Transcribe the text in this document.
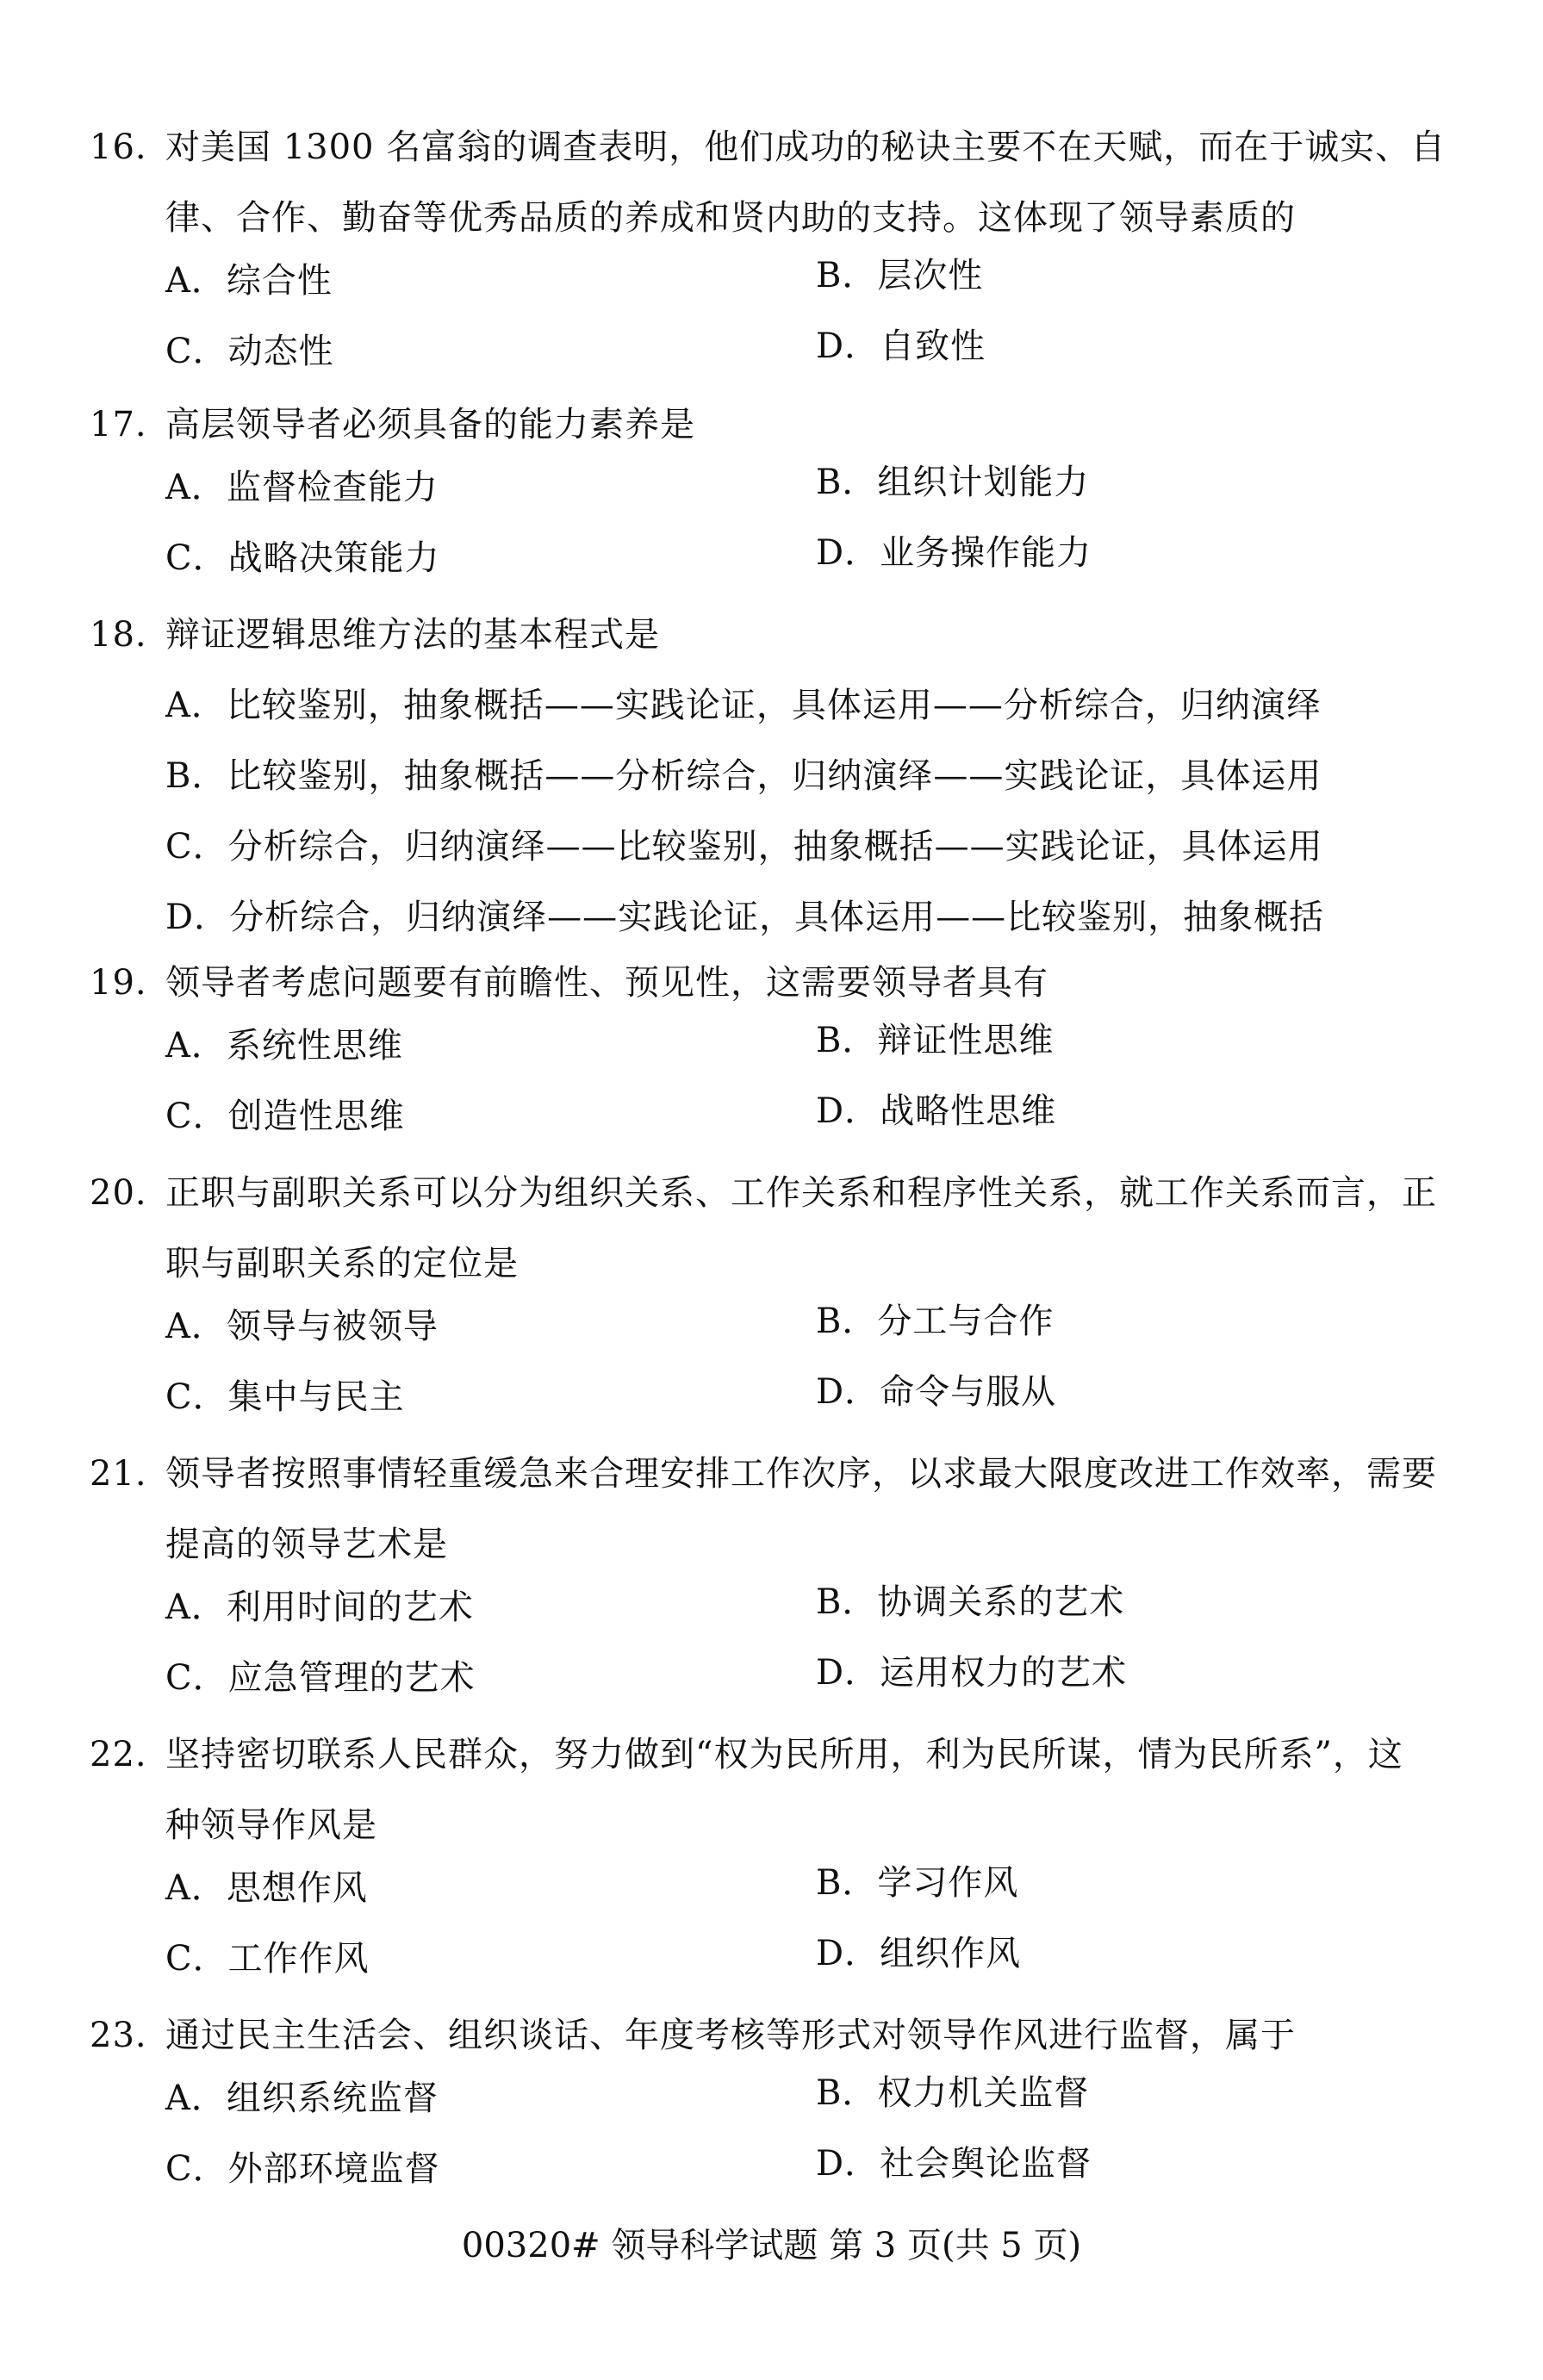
16. 对美国 1300 名富翁的调查表明，他们成功的秘诀主要不在天赋，而在于诚实、自
律、合作、勤奋等优秀品质的养成和贤内助的支持。这体现了领导素质的
A．综合性	B．层次性
C．动态性	D．自致性
17. 高层领导者必须具备的能力素养是
A．监督检查能力	B．组织计划能力
C．战略决策能力	D．业务操作能力
18. 辩证逻辑思维方法的基本程式是
A．比较鉴别，抽象概括——实践论证，具体运用——分析综合，归纳演绎
B．比较鉴别，抽象概括——分析综合，归纳演绎——实践论证，具体运用
C．分析综合，归纳演绎——比较鉴别，抽象概括——实践论证，具体运用
D．分析综合，归纳演绎——实践论证，具体运用——比较鉴别，抽象概括
19. 领导者考虑问题要有前瞻性、预见性，这需要领导者具有
A．系统性思维	B．辩证性思维
C．创造性思维	D．战略性思维
20. 正职与副职关系可以分为组织关系、工作关系和程序性关系，就工作关系而言，正
职与副职关系的定位是
A．领导与被领导	B．分工与合作
C．集中与民主	D．命令与服从
21. 领导者按照事情轻重缓急来合理安排工作次序，以求最大限度改进工作效率，需要
提高的领导艺术是
A．利用时间的艺术	B．协调关系的艺术
C．应急管理的艺术	D．运用权力的艺术
22. 坚持密切联系人民群众，努力做到“权为民所用，利为民所谋，情为民所系”，这
种领导作风是
A．思想作风	B．学习作风
C．工作作风	D．组织作风
23. 通过民主生活会、组织谈话、年度考核等形式对领导作风进行监督，属于
A．组织系统监督	B．权力机关监督
C．外部环境监督	D．社会舆论监督
00320# 领导科学试题 第 3 页(共 5 页)
